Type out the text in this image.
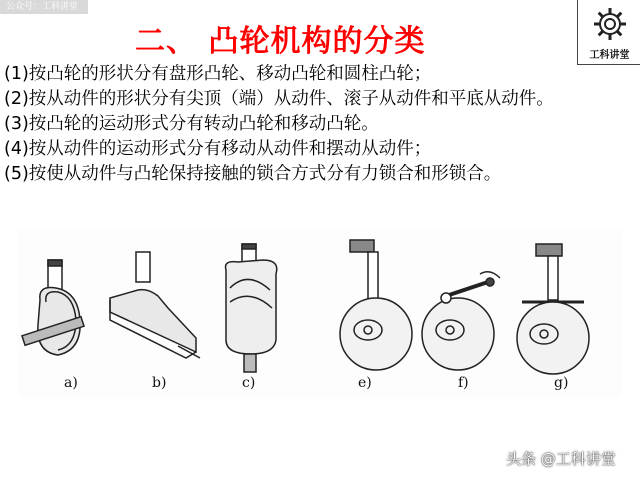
公众号：工科讲堂
二、 凸轮机构的分类	工科讲堂

(1)按凸轮的形状分有盘形凸轮、移动凸轮和圆柱凸轮；

(2)按从动件的形状分有尖顶（端）从动件、滚子从动件和平底从动件。

(3)按凸轮的运动形式分有转动凸轮和移动凸轮。

(4)按从动件的运动形式分有移动从动件和摆动从动件；

(5)按使从动件与凸轮保持接触的锁合方式分有力锁合和形锁合。

a)	b)	c)	e)	f)	g)
头条 @工科讲堂
